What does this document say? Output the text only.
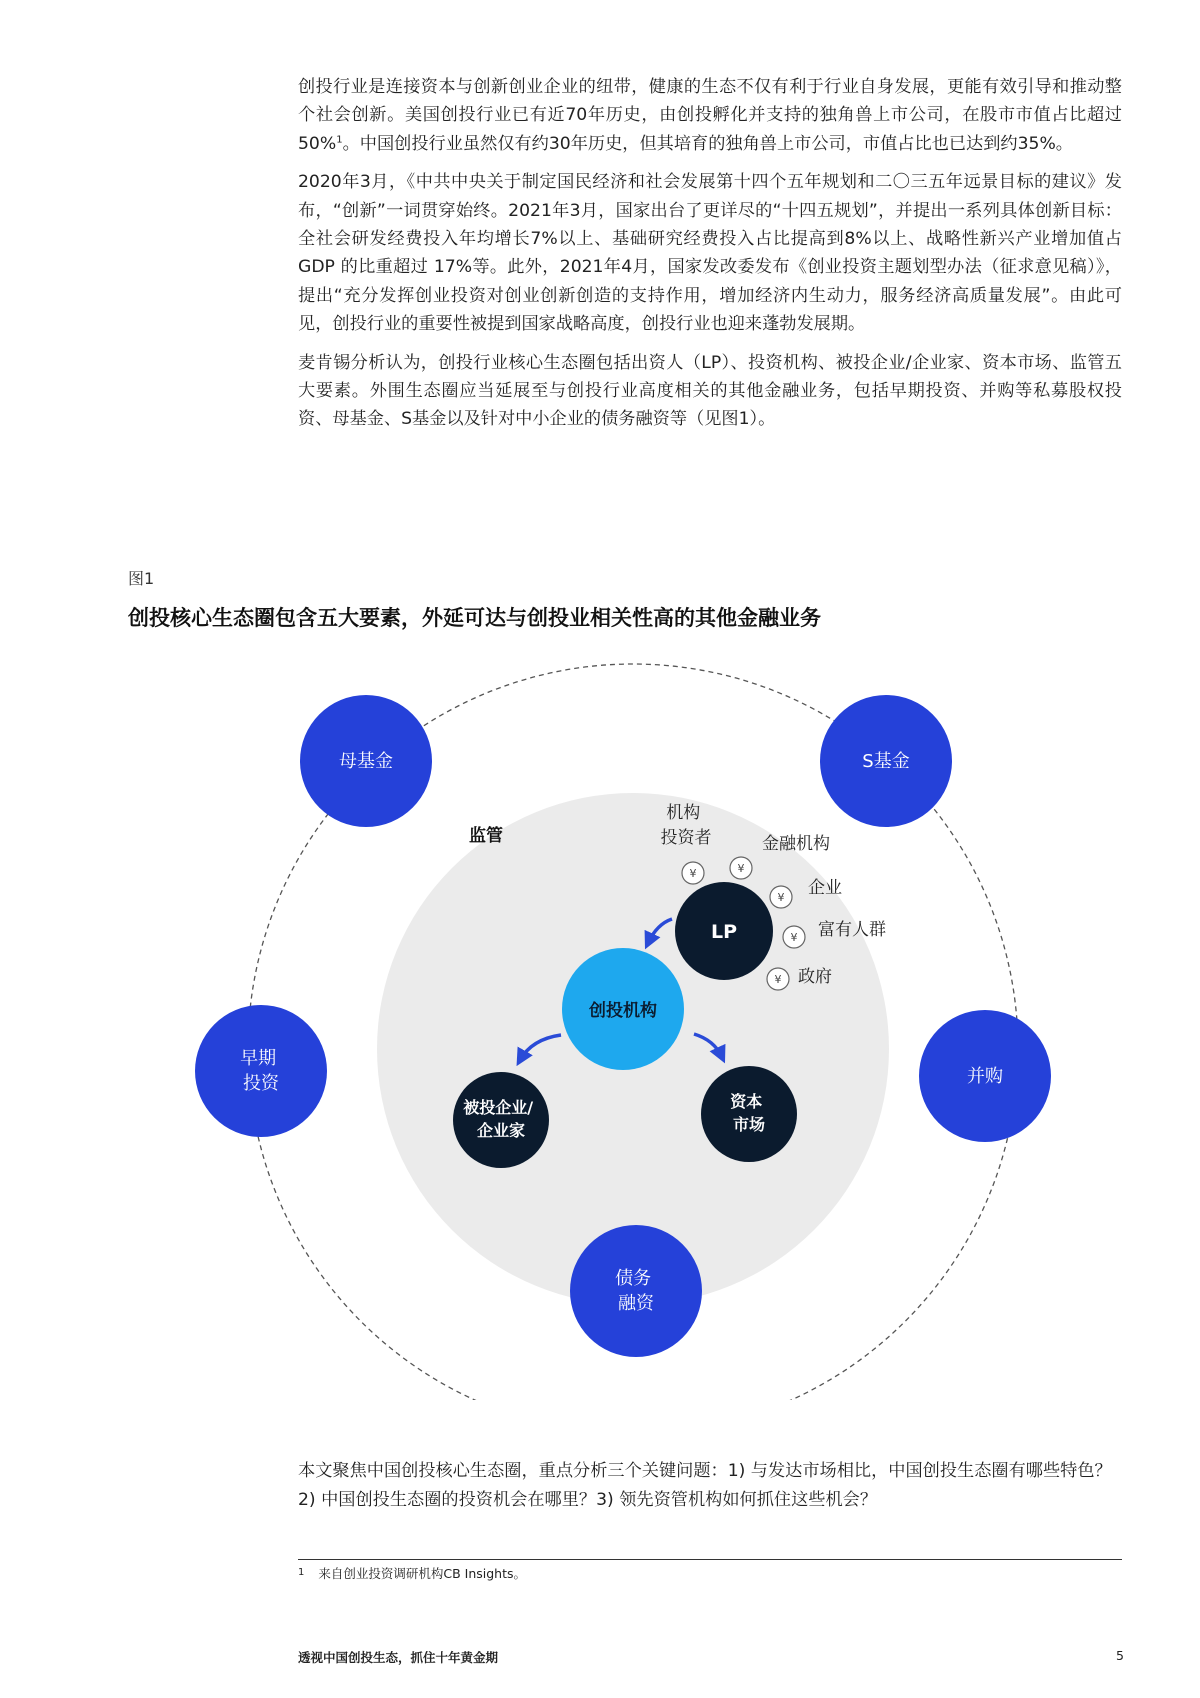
创投行业是连接资本与创新创业企业的纽带，健康的生态不仅有利于行业自身发展，更能有效引导和推动整个社会创新。美国创投行业已有近70年历史，由创投孵化并支持的独角兽上市公司，在股市市值占比超过50%$^1$。中国创投行业虽然仅有约30年历史，但其培育的独角兽上市公司，市值占比也已达到约35%。

2020年3月，《中共中央关于制定国民经济和社会发展第十四个五年规划和二〇三五年远景目标的建议》发布，“创新”一词贯穿始终。2021年3月，国家出台了更详尽的“十四五规划”，并提出一系列具体创新目标：全社会研发经费投入年均增长7%以上、基础研究经费投入占比提高到8%以上、战略性新兴产业增加值占 GDP 的比重超过 17%等。此外，2021年4月，国家发改委发布《创业投资主题划型办法（征求意见稿）》，提出“充分发挥创业投资对创业创新创造的支持作用，增加经济内生动力，服务经济高质量发展”。由此可见，创投行业的重要性被提到国家战略高度，创投行业也迎来蓬勃发展期。

麦肯锡分析认为，创投行业核心生态圈包括出资人（LP）、投资机构、被投企业/企业家、资本市场、监管五大要素。外围生态圈应当延展至与创投行业高度相关的其他金融业务，包括早期投资、并购等私募股权投资、母基金、S基金以及针对中小企业的债务融资等（见图1）。

图1
创投核心生态圈包含五大要素，外延可达与创投业相关性高的其他金融业务
监管
机构 投资者	金融机构
企业
富有人群
政府
¥	¥
¥
¥
¥
LP
创投机构
被投企业/ 企业家
资本 市场
母基金	S基金
早期 投资	并购
债务 融资
本文聚焦中国创投核心生态圈，重点分析三个关键问题：1) 与发达市场相比，中国创投生态圈有哪些特色？2) 中国创投生态圈的投资机会在哪里？3) 领先资管机构如何抓住这些机会？
$^1$ 来自创业投资调研机构CB Insights。
透视中国创投生态，抓住十年黄金期	5
